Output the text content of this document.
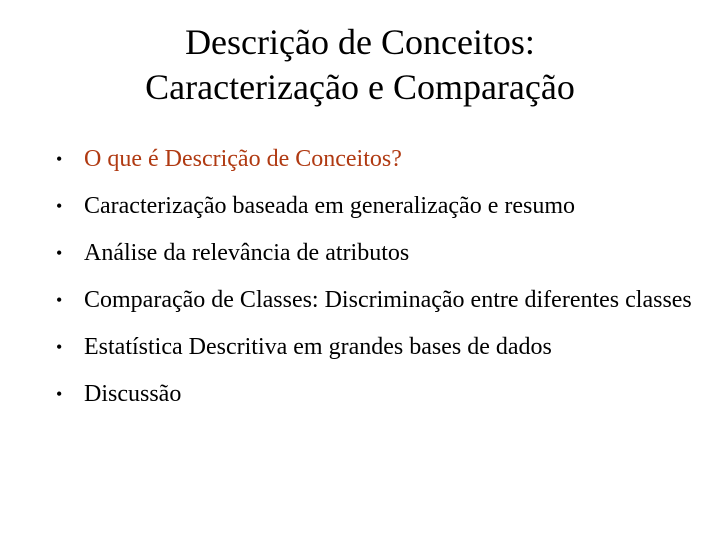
Descrição de Conceitos:
Caracterização e Comparação
• O que é Descrição de Conceitos?
• Caracterização baseada em generalização e resumo
• Análise da relevância de atributos
• Comparação de Classes: Discriminação entre diferentes classes
• Estatística Descritiva em grandes bases de dados
• Discussão
